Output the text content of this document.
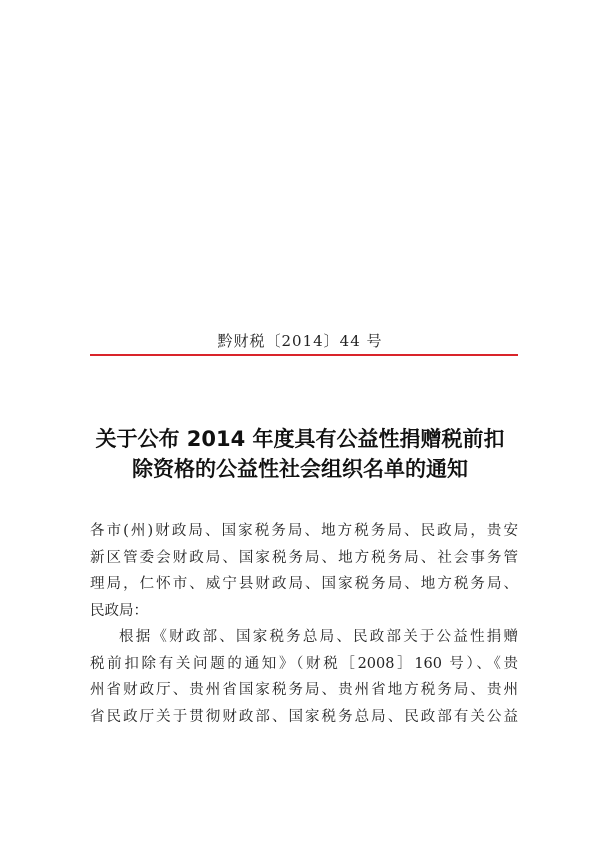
黔财税〔2014〕44 号
关于公布 2014 年度具有公益性捐赠税前扣
除资格的公益性社会组织名单的通知
各市(州)财政局、国家税务局、地方税务局、民政局，贵安
新区管委会财政局、国家税务局、地方税务局、社会事务管
理局，仁怀市、威宁县财政局、国家税务局、地方税务局、
民政局：
根据《财政部、国家税务总局、民政部关于公益性捐赠
税前扣除有关问题的通知》（财税［2008］160 号）、《贵
州省财政厅、贵州省国家税务局、贵州省地方税务局、贵州
省民政厅关于贯彻财政部、国家税务总局、民政部有关公益
